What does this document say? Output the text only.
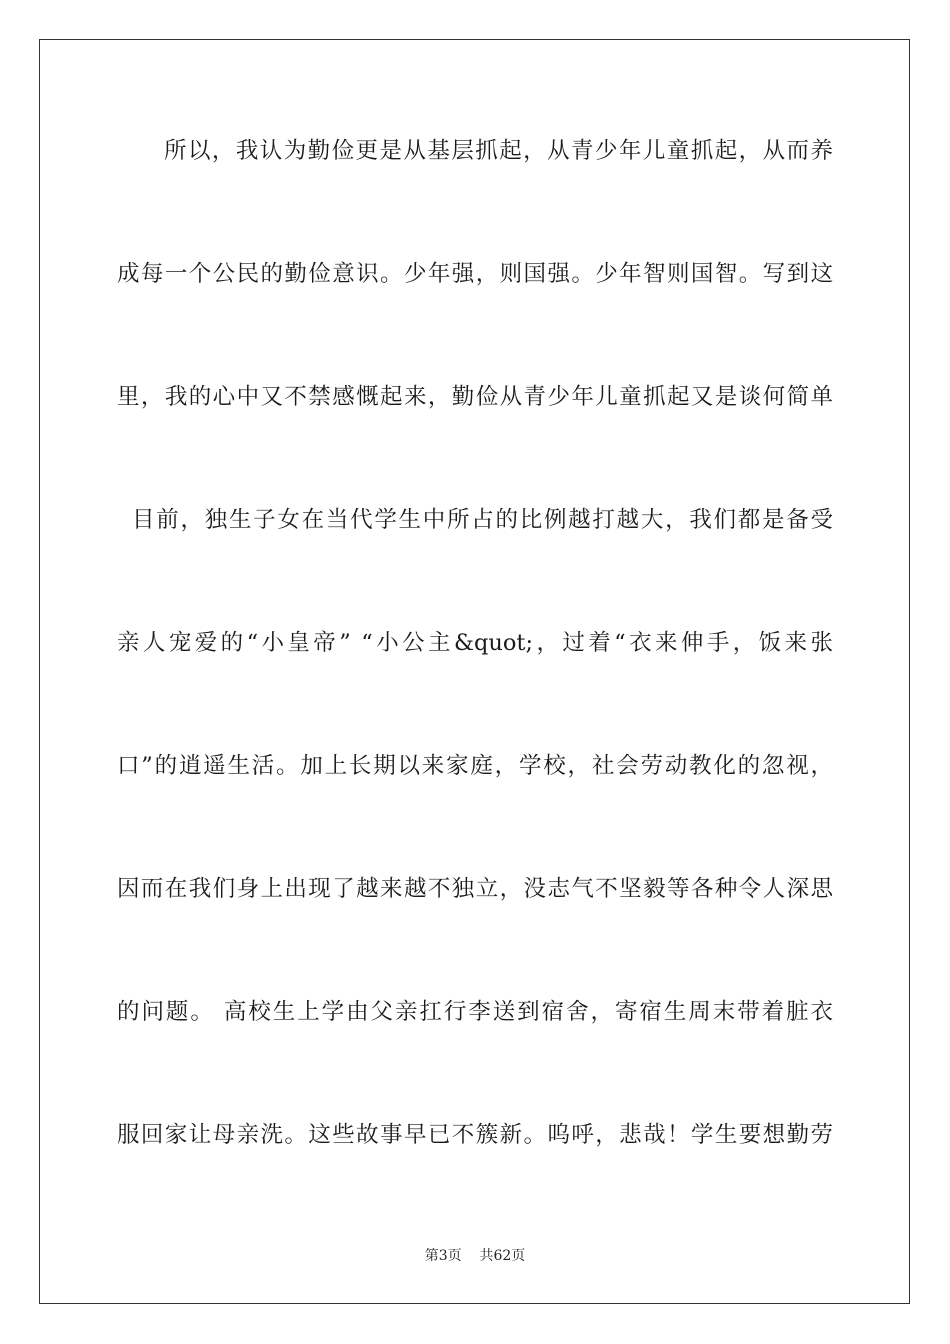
所以，我认为勤俭更是从基层抓起，从青少年儿童抓起，从而养
成每一个公民的勤俭意识。少年强，则国强。少年智则国智。写到这
里，我的心中又不禁感慨起来，勤俭从青少年儿童抓起又是谈何简单
目前，独生子女在当代学生中所占的比例越打越大，我们都是备受
亲人宠爱的“小皇帝” “小公主&quot;，过着“衣来伸手，饭来张
口”的逍遥生活。加上长期以来家庭，学校，社会劳动教化的忽视，
因而在我们身上出现了越来越不独立，没志气不坚毅等各种令人深思
的问题。 高校生上学由父亲扛行李送到宿舍，寄宿生周末带着脏衣
服回家让母亲洗。这些故事早已不簇新。呜呼，悲哉！学生要想勤劳
第3页 共62页
